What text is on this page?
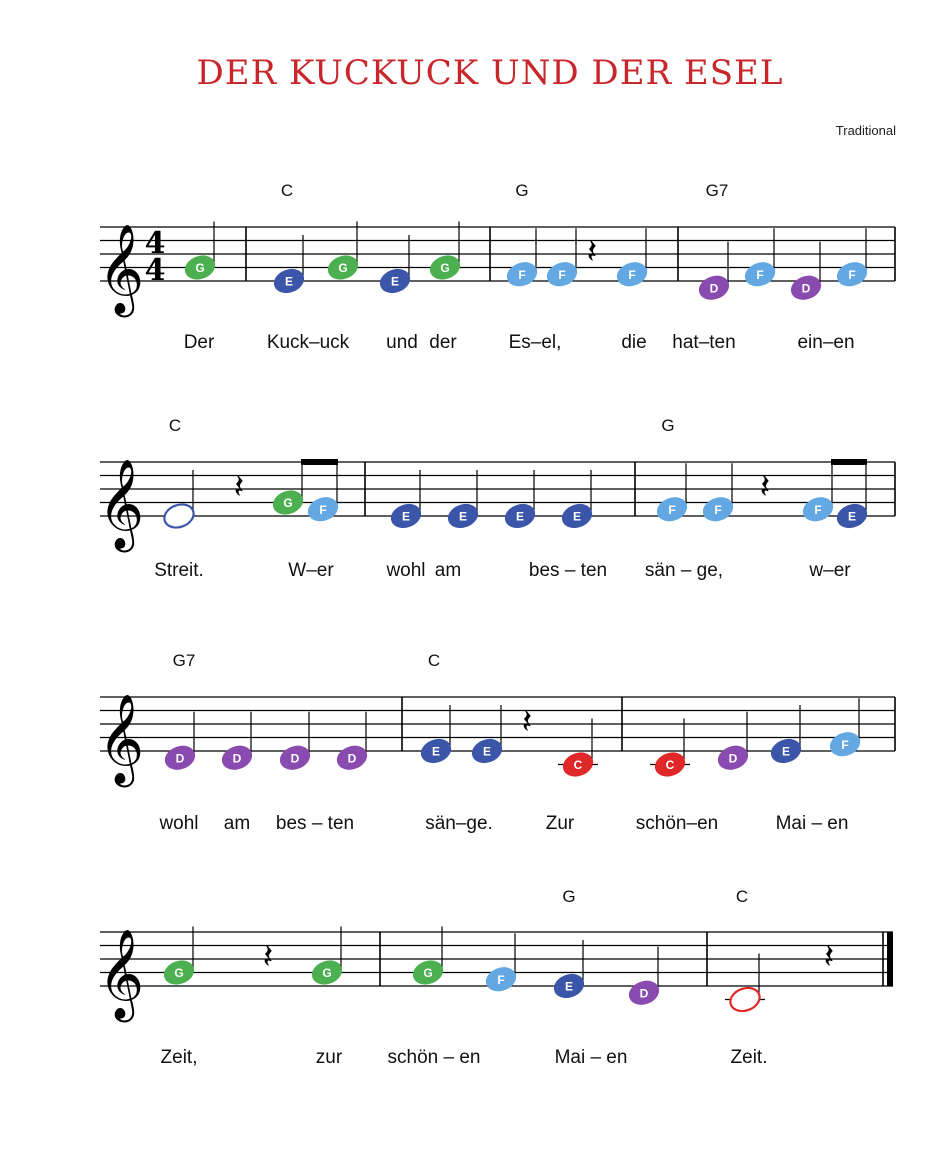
DER KUCKUCK UND DER ESEL
Traditional
𝄞 4
4	𝄽
G
E
G
E
G	F	F	F
D
F
D
F
C	G	G7
Der	Kuck–uck und der	Es–el,	die hat–ten	ein–en
𝄞	𝄽	𝄽
E
G F	E	E	E	E	F	F	F E
C	G
Streit.	W–er	wohl am	bes – ten sän – ge,	w–er
𝄞	𝄽
D	D	D	D	E	E
C	C	D	E	F
G7	C
wohl am bes – ten	sän–ge.	Zur	schön–en	Mai – en
𝄞	𝄽	𝄽
G	G	G	F	E	D	C
G	C
Zeit,	zur schön – en	Mai – en	Zeit.
